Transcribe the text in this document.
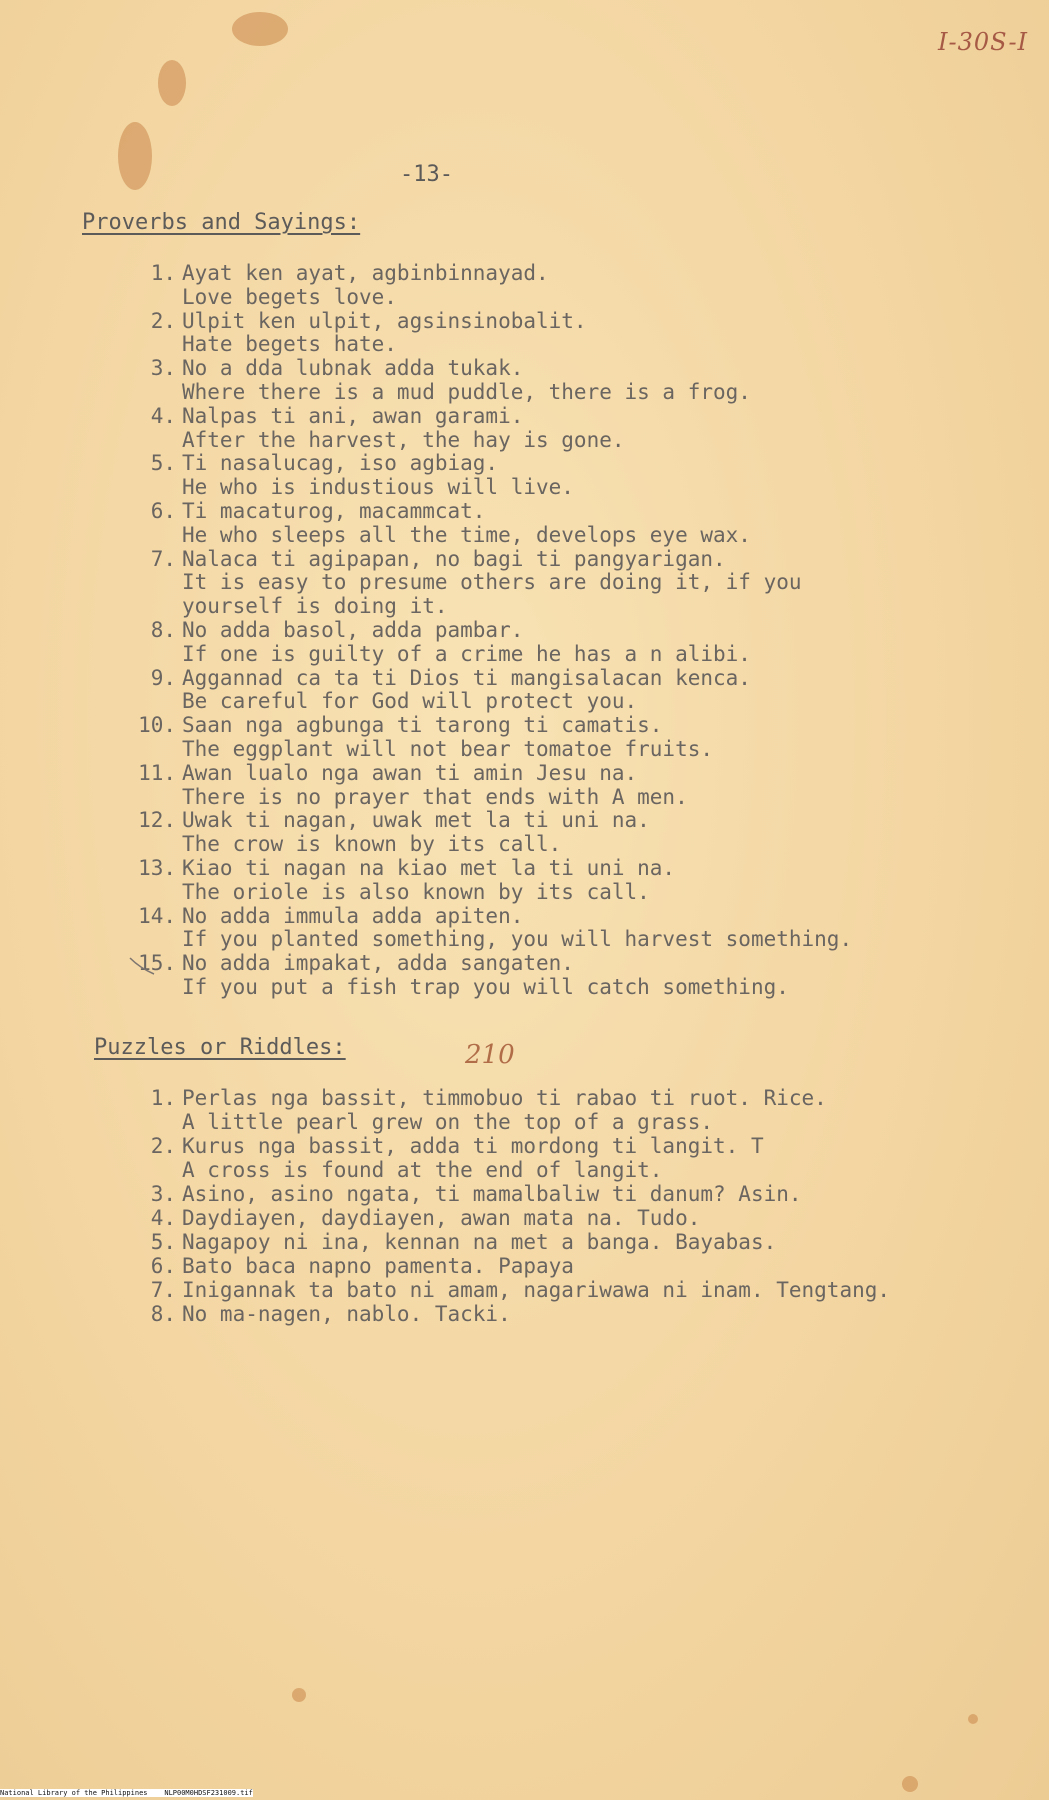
I-30S-I
-13-
Proverbs and Sayings:
1. Ayat ken ayat, agbinbinnayad.
Love begets love.
2. Ulpit ken ulpit, agsinsinobalit.
Hate begets hate.
3. No a dda lubnak adda tukak.
Where there is a mud puddle, there is a frog.
4. Nalpas ti ani, awan garami.
After the harvest, the hay is gone.
5. Ti nasalucag, iso agbiag.
He who is industious will live.
6. Ti macaturog, macammcat.
He who sleeps all the time, develops eye wax.
7. Nalaca ti agipapan, no bagi ti pangyarigan.
It is easy to presume others are doing it, if you
yourself is doing it.
8. No adda basol, adda pambar.
If one is guilty of a crime he has a n alibi.
9. Aggannad ca ta ti Dios ti mangisalacan kenca.
Be careful for God will protect you.
10. Saan nga agbunga ti tarong ti camatis.
The eggplant will not bear tomatoe fruits.
11. Awan lualo nga awan ti amin Jesu na.
There is no prayer that ends with A men.
12. Uwak ti nagan, uwak met la ti uni na.
The crow is known by its call.
13. Kiao ti nagan na kiao met la ti uni na.
The oriole is also known by its call.
14. No adda immula adda apiten.
If you planted something, you will harvest something.
15. No adda impakat, adda sangaten.
If you put a fish trap you will catch something.
Puzzles or Riddles:	210
1. Perlas nga bassit, timmobuo ti rabao ti ruot. Rice.
A little pearl grew on the top of a grass.
2. Kurus nga bassit, adda ti mordong ti langit. T
A cross is found at the end of langit.
3. Asino, asino ngata, ti mamalbaliw ti danum? Asin.
4. Daydiayen, daydiayen, awan mata na. Tudo.
5. Nagapoy ni ina, kennan na met a banga. Bayabas.
6. Bato baca napno pamenta. Papaya
7. Inigannak ta bato ni amam, nagariwawa ni inam. Tengtang.
8. No ma-nagen, nablo. Tacki.
National Library of the Philippines    NLP00M0HDSF231009.tif
